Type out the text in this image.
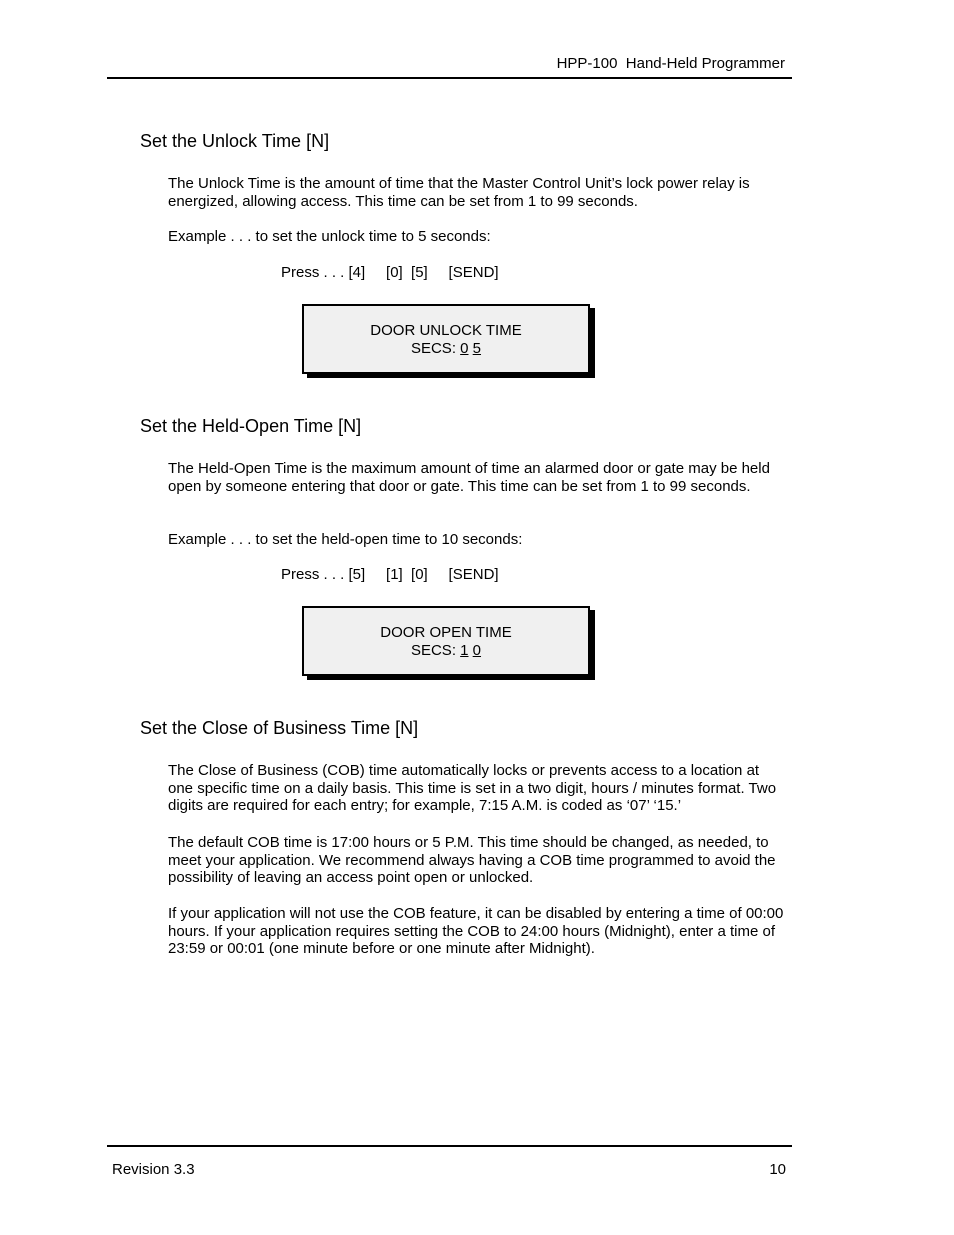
HPP-100  Hand-Held Programmer
Set the Unlock Time [N]
The Unlock Time is the amount of time that the Master Control Unit’s lock power relay is energized, allowing access. This time can be set from 1 to 99 seconds.
Example . . . to set the unlock time to 5 seconds:
Press . . . [4]     [0]  [5]     [SEND]
DOOR UNLOCK TIME
SECS: 0 5
Set the Held-Open Time [N]
The Held-Open Time is the maximum amount of time an alarmed door or gate may be held open by someone entering that door or gate. This time can be set from 1 to 99 seconds.
Example . . . to set the held-open time to 10 seconds:
Press . . . [5]     [1]  [0]     [SEND]
DOOR OPEN TIME
SECS: 1 0
Set the Close of Business Time [N]
The Close of Business (COB) time automatically locks or prevents access to a location at one specific time on a daily basis. This time is set in a two digit, hours / minutes format. Two digits are required for each entry; for example, 7:15 A.M. is coded as ‘07’ ‘15.’
The default COB time is 17:00 hours or 5 P.M. This time should be changed, as needed, to meet your application. We recommend always having a COB time programmed to avoid the possibility of leaving an access point open or unlocked.
If your application will not use the COB feature, it can be disabled by entering a time of 00:00 hours. If your application requires setting the COB to 24:00 hours (Midnight), enter a time of 23:59 or 00:01 (one minute before or one minute after Midnight).
Revision 3.3	10
